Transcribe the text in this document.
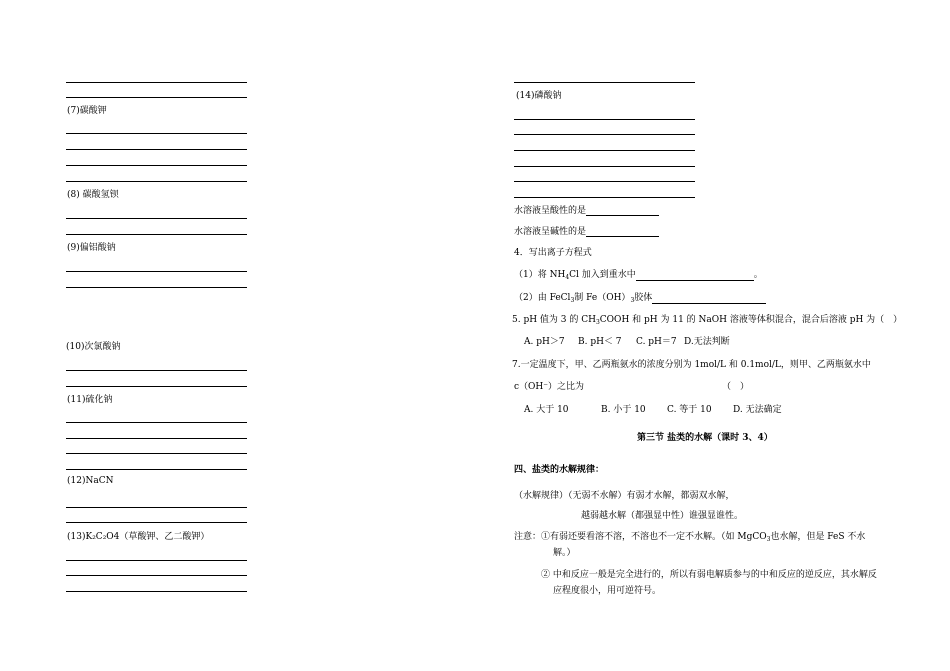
(7)碳酸钾
(8) 碳酸氢钡
(9)偏铝酸钠
(10)次氯酸钠
(11)硫化钠
(12)NaCN
(13)K₂C₂O4（草酸钾、乙二酸钾）
(14)磷酸钠
水溶液呈酸性的是
水溶液呈碱性的是
4．写出离子方程式
（1）将 $NH_4Cl$ 加入到重水中	。
（2）由 FeCl$_3$制 $Fe(OH)_3$胶体
5. pH 值为 3 的 $CH_3COOH$ 和 pH 为 11 的 NaOH 溶液等体积混合，混合后溶液 pH 为（　）
A. pH＞7 B. pH＜ 7 C. pH＝7 D.无法判断
7.一定温度下，甲、乙两瓶氨水的浓度分别为 1mol/L 和 0.1mol/L，则甲、乙两瓶氨水中
c（OH⁻）之比为	（　）
A. 大于 10	B. 小于 10 C. 等于 10 D. 无法确定
第三节 盐类的水解（课时 3、4）
四、盐类的水解规律：
（水解规律）（无弱不水解）有弱才水解，都弱双水解，
越弱越水解（都强显中性）谁强显谁性。
注意：①有弱还要看溶不溶，不溶也不一定不水解。（如 MgCO$_3$也水解，但是 FeS 不水
解。）
② 中和反应一般是完全进行的，所以有弱电解质参与的中和反应的逆反应，其水解反
应程度很小，用可逆符号。
